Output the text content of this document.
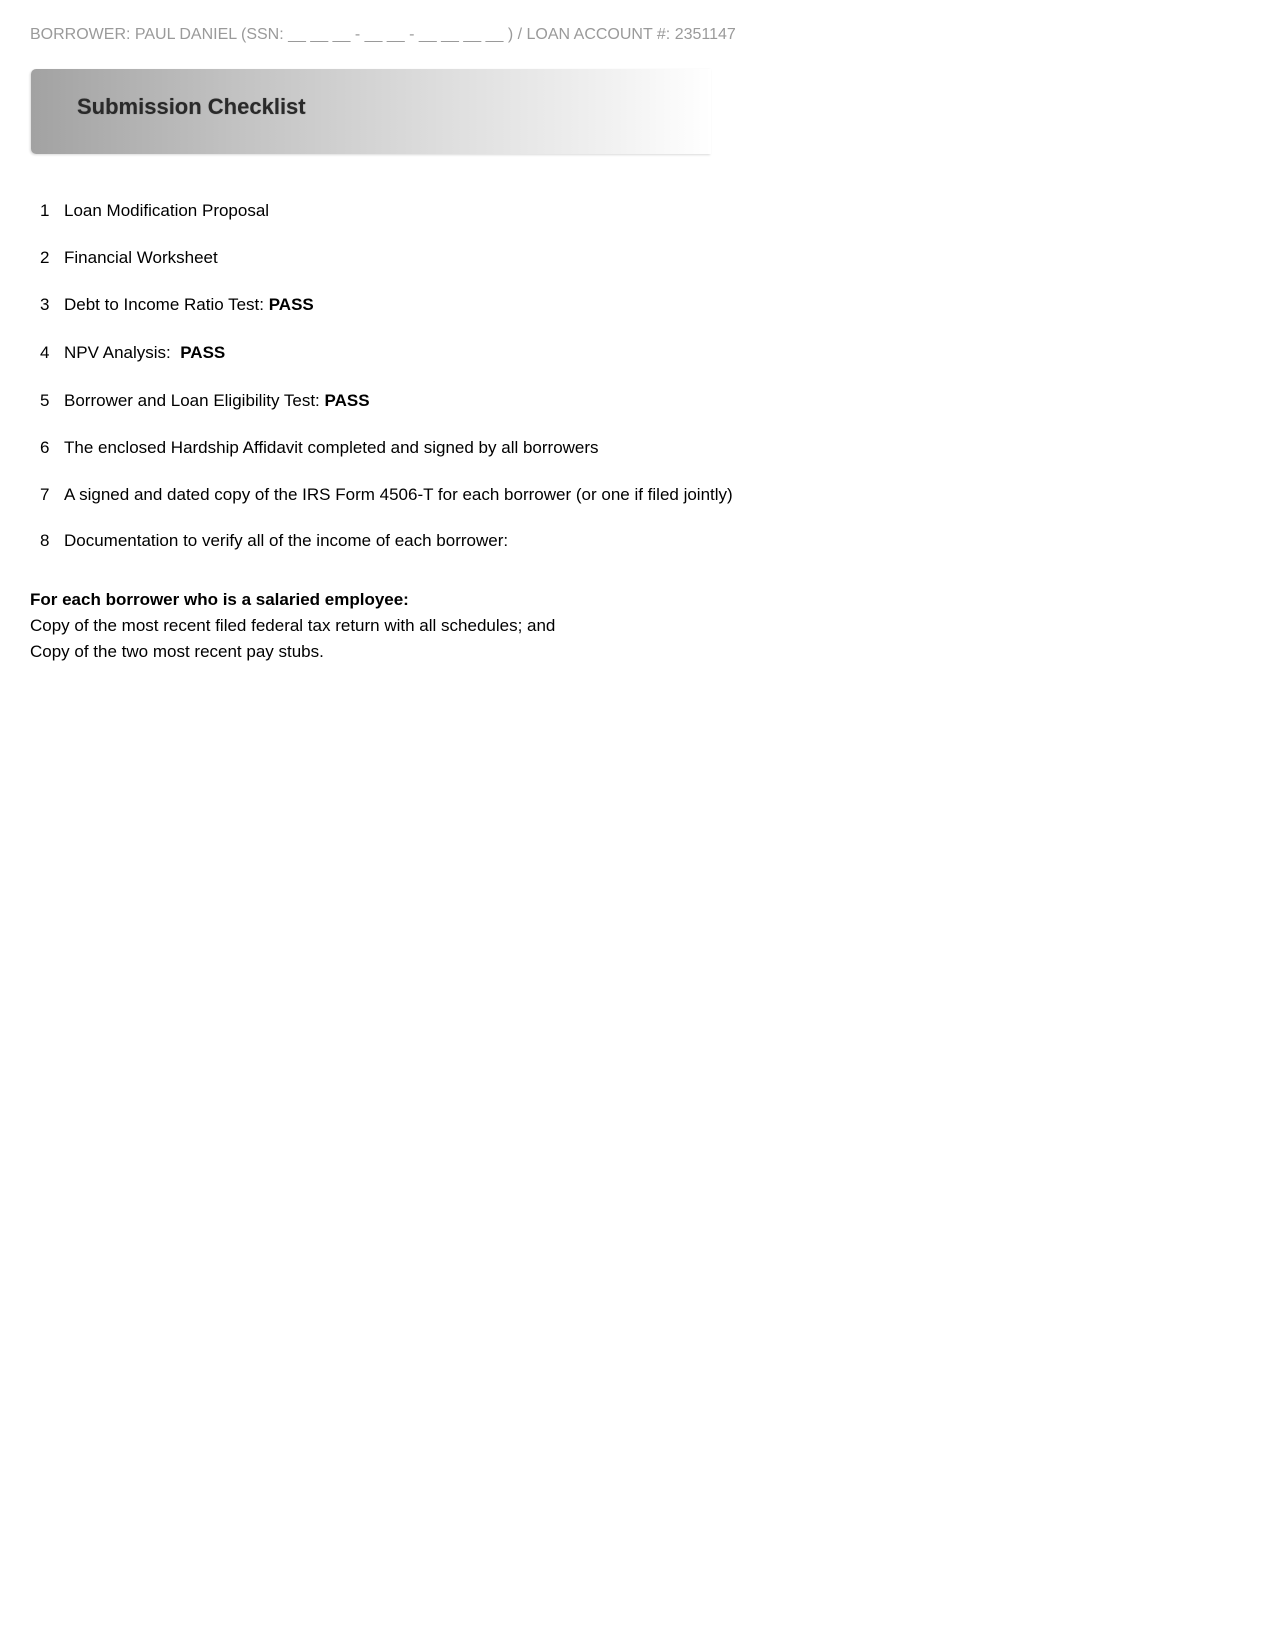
BORROWER: PAUL DANIEL (SSN: __ __ __ - __ __ - __ __ __ __ ) / LOAN ACCOUNT #: 2351147
Submission Checklist
1 Loan Modification Proposal
2 Financial Worksheet
3 Debt to Income Ratio Test: PASS
4 NPV Analysis:  PASS
5 Borrower and Loan Eligibility Test: PASS
6 The enclosed Hardship Affidavit completed and signed by all borrowers
7 A signed and dated copy of the IRS Form 4506-T for each borrower (or one if filed jointly)
8 Documentation to verify all of the income of each borrower:
For each borrower who is a salaried employee:
Copy of the most recent filed federal tax return with all schedules; and
Copy of the two most recent pay stubs.
